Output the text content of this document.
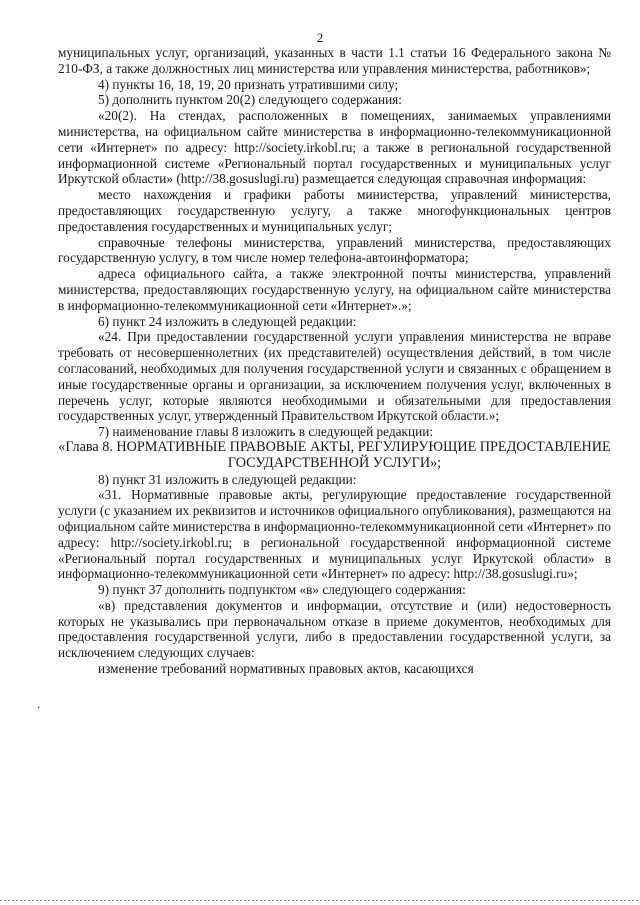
2
.

муниципальных услуг, организаций, указанных в части 1.1 статьи 16 Федерального закона № 210-ФЗ, а также должностных лиц министерства или управления министерства, работников»;

4) пункты 16, 18, 19, 20 признать утратившими силу;

5) дополнить пунктом 20(2) следующего содержания:

«20(2). На стендах, расположенных в помещениях, занимаемых управлениями министерства, на официальном сайте министерства в информационно-телекоммуникационной сети «Интернет» по адресу: http://society.irkobl.ru; а также в региональной государственной информационной системе «Региональный портал государственных и муниципальных услуг Иркутской области» (http://38.gosuslugi.ru) размещается следующая справочная информация:

место нахождения и графики работы министерства, управлений министерства, предоставляющих государственную услугу, а также многофункциональных центров предоставления государственных и муниципальных услуг;

справочные телефоны министерства, управлений министерства, предоставляющих государственную услугу, в том числе номер телефона-автоинформатора;

адреса официального сайта, а также электронной почты министерства, управлений министерства, предоставляющих государственную услугу, на официальном сайте министерства в информационно-телекоммуникационной сети «Интернет».»;

6) пункт 24 изложить в следующей редакции:

«24. При предоставлении государственной услуги управления министерства не вправе требовать от несовершеннолетних (их представителей) осуществления действий, в том числе согласований, необходимых для получения государственной услуги и связанных с обращением в иные государственные органы и организации, за исключением получения услуг, включенных в перечень услуг, которые являются необходимыми и обязательными для предоставления государственных услуг, утвержденный Правительством Иркутской области.»;

7) наименование главы 8 изложить в следующей редакции:

«Глава 8. НОРМАТИВНЫЕ ПРАВОВЫЕ АКТЫ, РЕГУЛИРУЮЩИЕ ПРЕДОСТАВЛЕНИЕ ГОСУДАРСТВЕННОЙ УСЛУГИ»;

8) пункт 31 изложить в следующей редакции:

«31. Нормативные правовые акты, регулирующие предоставление государственной услуги (с указанием их реквизитов и источников официального опубликования), размещаются на официальном сайте министерства в информационно-телекоммуникационной сети «Интернет» по адресу: http://society.irkobl.ru; в региональной государственной информационной системе «Региональный портал государственных и муниципальных услуг Иркутской области» в информационно-телекоммуникационной сети «Интернет» по адресу: http://38.gosuslugi.ru»;

9) пункт 37 дополнить подпунктом «в» следующего содержания:

«в) представления документов и информации, отсутствие и (или) недостоверность которых не указывались при первоначальном отказе в приеме документов, необходимых для предоставления государственной услуги, либо в предоставлении государственной услуги, за исключением следующих случаев:

изменение требований нормативных правовых актов, касающихся
